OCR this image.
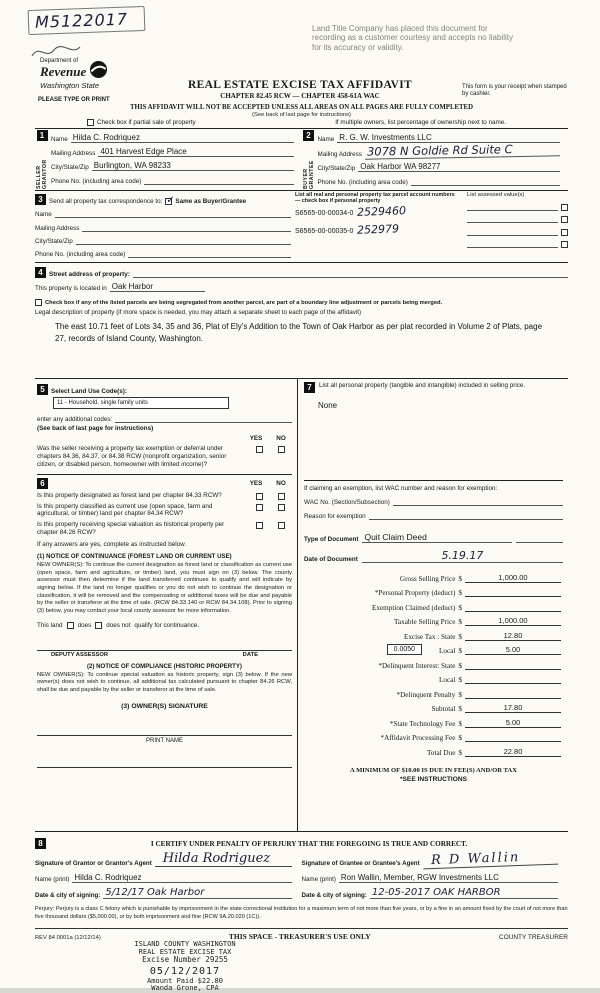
M5122017	Land Title Company has placed this document for recording as a customer courtesy and accepts no liability for its accuracy or validity.
Department of
Revenue
Washington State	REAL ESTATE EXCISE TAX AFFIDAVIT
CHAPTER 82.45 RCW — CHAPTER 458-61A WAC
PLEASE TYPE OR PRINT
This form is your receipt when stamped by cashier.
THIS AFFIDAVIT WILL NOT BE ACCEPTED UNLESS ALL AREAS ON ALL PAGES ARE FULLY COMPLETED
(See back of last page for instructions)
Check box if partial sale of property	If multiple owners, list percentage of ownership next to name.
1
SELLER GRANTOR
Name Hilda C. Rodriquez
Mailing Address 401 Harvest Edge Place
City/State/Zip Burlington, WA 98233
Phone No. (including area code)
2
BUYER GRANTEE
Name R. G. W. Investments LLC
Mailing Address 3078 N Goldie Rd Suite C
City/State/Zip Oak Harbor WA 98277
Phone No. (including area code)
3 Send all property tax correspondence to: ✓ Same as Buyer/Grantee
Name
Mailing Address
City/State/Zip
Phone No. (including area code)
List all real and personal property tax parcel account numbers — check box if personal property
S6565-00-00034-0 2529460
S6565-00-00035-0 252979
List assessed value(s)
4 Street address of property:
This property is located in Oak Harbor
Check box if any of the listed parcels are being segregated from another parcel, are part of a boundary line adjustment or parcels being merged.
Legal description of property (if more space is needed, you may attach a separate sheet to each page of the affidavit)
The east 10.71 feet of Lots 34, 35 and 36, Plat of Ely's Addition to the Town of Oak Harbor as per plat recorded in Volume 2 of Plats, page 27, records of Island County, Washington.
5 Select Land Use Code(s):
11 - Household, single family units
enter any additional codes:
(See back of last page for instructions)
YES	NO
Was the seller receiving a property tax exemption or deferral under chapters 84.36, 84.37, or 84.38 RCW (nonprofit organization, senior citizen, or disabled person, homeowner with limited income)?
6	YES	NO
Is this property designated as forest land per chapter 84.33 RCW?
Is this property classified as current use (open space, farm and agricultural, or timber) land per chapter 84.34 RCW?
Is this property receiving special valuation as historical property per chapter 84.26 RCW?
If any answers are yes, complete as instructed below.
(1) NOTICE OF CONTINUANCE (FOREST LAND OR CURRENT USE)
NEW OWNER(S): To continue the current designation as forest land or classification as current use (open space, farm and agriculture, or timber) land, you must sign on (3) below. The county assessor must then determine if the land transferred continues to qualify and will indicate by signing below. If the land no longer qualifies or you do not wish to continue the designation or classification, it will be removed and the compensating or additional taxes will be due and payable by the seller or transferor at the time of sale. (RCW 84.33.140 or RCW 84.34.108). Prior to signing (3) below, you may contact your local county assessor for more information.
This land does does not qualify for continuance.
DEPUTY ASSESSOR	DATE
(2) NOTICE OF COMPLIANCE (HISTORIC PROPERTY)
NEW OWNER(S): To continue special valuation as historic property, sign (3) below. If the new owner(s) does not wish to continue, all additional tax calculated pursuant to chapter 84.26 RCW, shall be due and payable by the seller or transferor at the time of sale.
(3) OWNER(S) SIGNATURE
PRINT NAME
7	List all personal property (tangible and intangible) included in selling price.
None
If claiming an exemption, list WAC number and reason for exemption:
WAC No. (Section/Subsection)
Reason for exemption
Type of Document Quit Claim Deed
Date of Document	5.19.17
Gross Selling Price $	1,000.00
*Personal Property (deduct) $
Exemption Claimed (deduct) $
Taxable Selling Price $	1,000.00
Excise Tax : State $	12.80
0.0050	Local $	5.00
*Delinquent Interest: State $
Local $
*Delinquent Penalty $
Subtotal $	17.80
*State Technology Fee $	5.00
*Affidavit Processing Fee $
Total Due $	22.80
A MINIMUM OF $10.00 IS DUE IN FEE(S) AND/OR TAX
*SEE INSTRUCTIONS
8	I CERTIFY UNDER PENALTY OF PERJURY THAT THE FOREGOING IS TRUE AND CORRECT.
Signature of Grantor or Grantor's Agent Hilda Rodriguez
Name (print) Hilda C. Rodriquez
Date & city of signing: 5/12/17 Oak Harbor
Signature of Grantee or Grantee's Agent R D Wallin
Name (print) Ron Wallin, Member, RGW Investments LLC
Date & city of signing: 12-05-2017 OAK HARBOR
Perjury: Perjury is a class C felony which is punishable by imprisonment in the state correctional institution for a maximum term of not more than five years, or by a fine in an amount fixed by the court of not more than five thousand dollars ($5,000.00), or by both imprisonment and fine (RCW 9A.20.020 (1C)).
REV 84 0001a (12/12/14)	THIS SPACE - TREASURER'S USE ONLY	COUNTY TREASURER
ISLAND COUNTY WASHINGTON
REAL ESTATE EXCISE TAX
Excise Number 29255
05/12/2017
Amount Paid $22.80
Wanda Grone, CPA
